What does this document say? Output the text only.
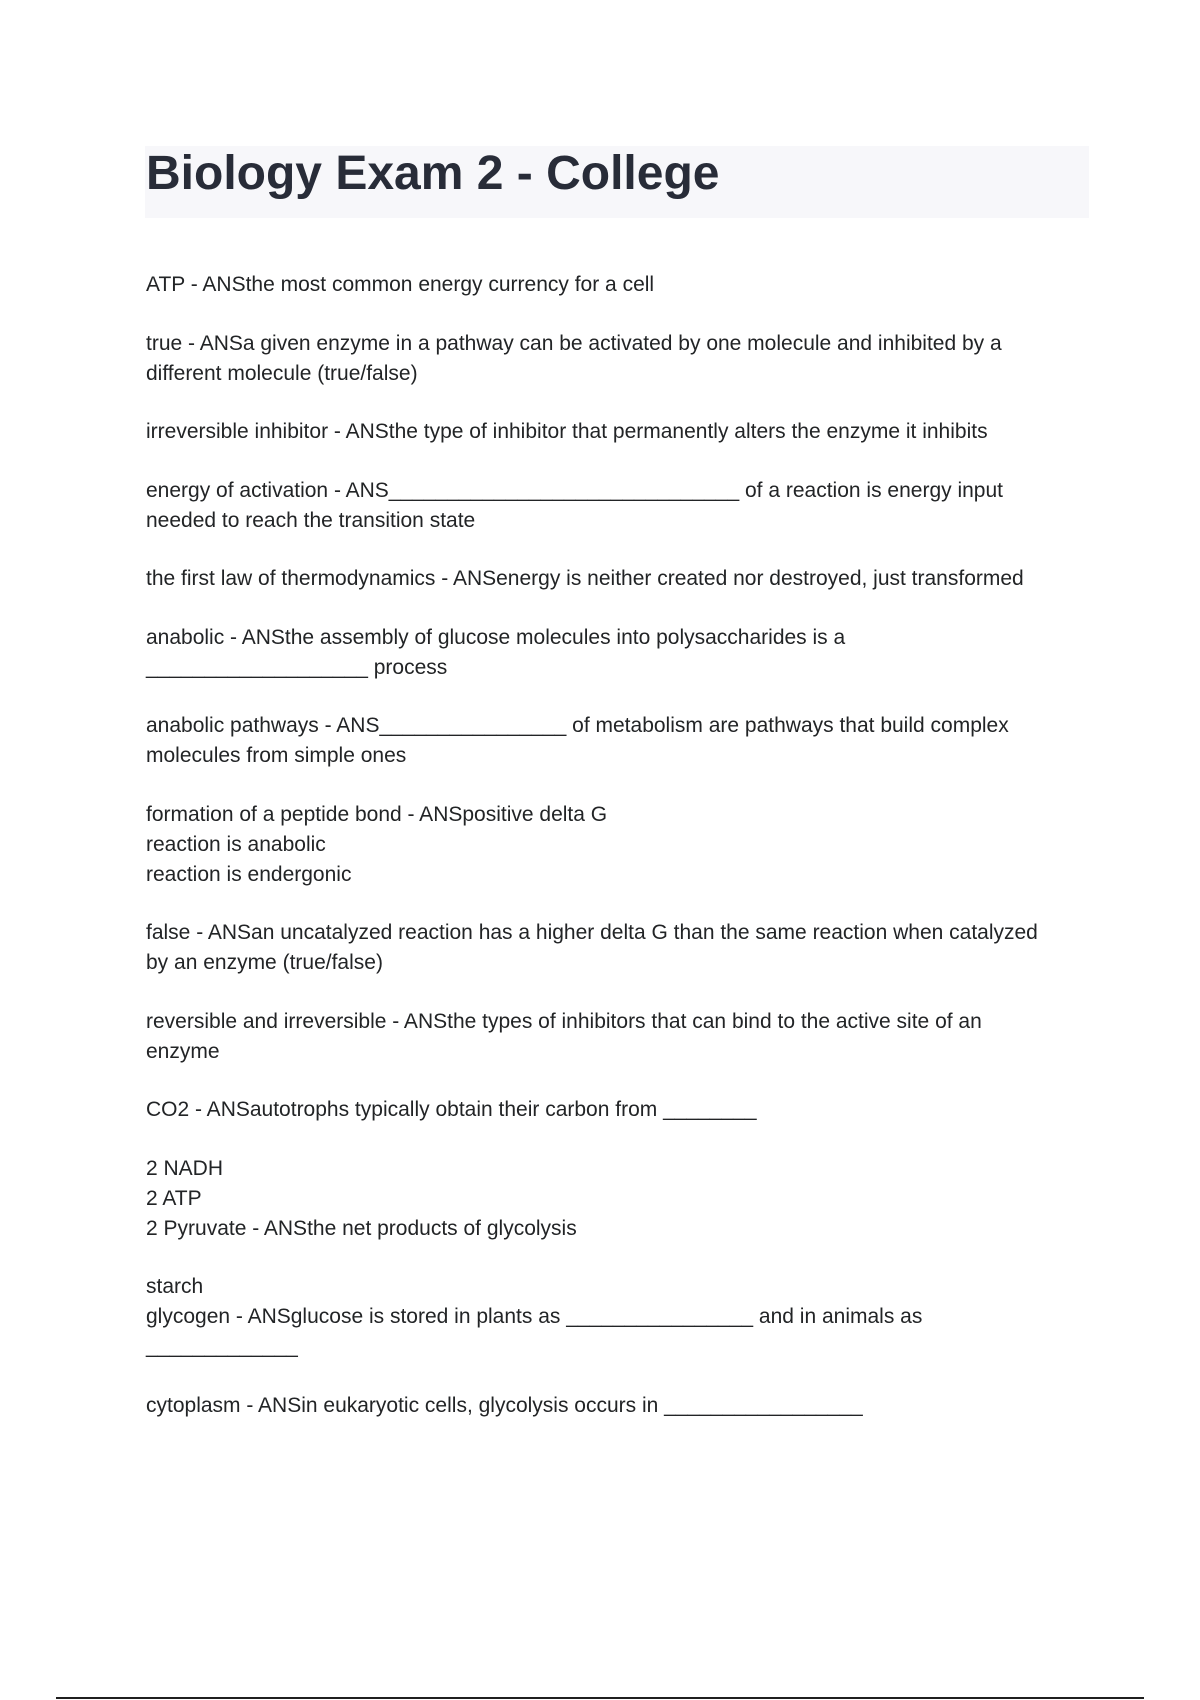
Biology Exam 2 - College
ATP - ANSthe most common energy currency for a cell
true - ANSa given enzyme in a pathway can be activated by one molecule and inhibited by a
different molecule (true/false)
irreversible inhibitor - ANSthe type of inhibitor that permanently alters the enzyme it inhibits
energy of activation - ANS______________________________ of a reaction is energy input
needed to reach the transition state
the first law of thermodynamics - ANSenergy is neither created nor destroyed, just transformed
anabolic - ANSthe assembly of glucose molecules into polysaccharides is a
___________________ process
anabolic pathways - ANS________________ of metabolism are pathways that build complex
molecules from simple ones
formation of a peptide bond - ANSpositive delta G
reaction is anabolic
reaction is endergonic
false - ANSan uncatalyzed reaction has a higher delta G than the same reaction when catalyzed
by an enzyme (true/false)
reversible and irreversible - ANSthe types of inhibitors that can bind to the active site of an
enzyme
CO2 - ANSautotrophs typically obtain their carbon from ________
2 NADH
2 ATP
2 Pyruvate - ANSthe net products of glycolysis
starch
glycogen - ANSglucose is stored in plants as ________________ and in animals as
_____________
cytoplasm - ANSin eukaryotic cells, glycolysis occurs in _________________
